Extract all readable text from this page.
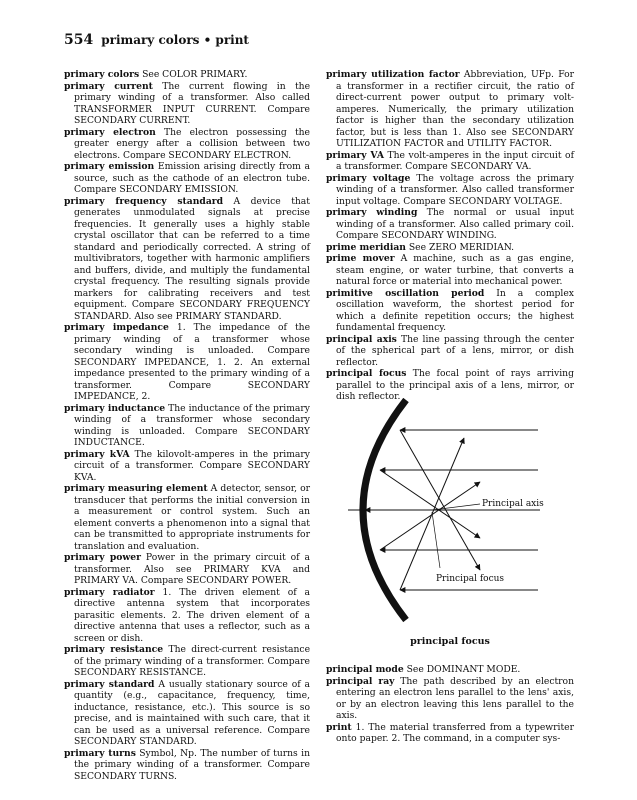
554 primary colors • print

primary colors See COLOR PRIMARY.

primary current The current flowing in the primary winding of a transformer. Also called TRANSFORMER INPUT CURRENT. Compare SECONDARY CURRENT.

primary electron The electron possessing the greater energy after a collision between two electrons. Compare SECONDARY ELECTRON.

primary emission Emission arising directly from a source, such as the cathode of an electron tube. Compare SECONDARY EMISSION.

primary frequency standard A device that generates unmodulated signals at precise frequencies. It generally uses a highly stable crystal oscillator that can be referred to a time standard and periodically corrected. A string of multivibrators, together with harmonic amplifiers and buffers, divide, and multiply the fundamental crystal frequency. The resulting signals provide markers for calibrating receivers and test equipment. Compare SECONDARY FREQUENCY STANDARD. Also see PRIMARY STANDARD.

primary impedance 1. The impedance of the primary winding of a transformer whose secondary winding is unloaded. Compare SECONDARY IMPEDANCE, 1. 2. An external impedance presented to the primary winding of a transformer. Compare SECONDARY IMPEDANCE, 2.

primary inductance The inductance of the primary winding of a transformer whose secondary winding is unloaded. Compare SECONDARY INDUCTANCE.

primary kVA The kilovolt-amperes in the primary circuit of a transformer. Compare SECONDARY KVA.

primary measuring element A detector, sensor, or transducer that performs the initial conversion in a measurement or control system. Such an element converts a phenomenon into a signal that can be transmitted to appropriate instruments for translation and evaluation.

primary power Power in the primary circuit of a transformer. Also see PRIMARY KVA and PRIMARY VA. Compare SECONDARY POWER.

primary radiator 1. The driven element of a directive antenna system that incorporates parasitic elements. 2. The driven element of a directive antenna that uses a reflector, such as a screen or dish.

primary resistance The direct-current resistance of the primary winding of a transformer. Compare SECONDARY RESISTANCE.

primary standard A usually stationary source of a quantity (e.g., capacitance, frequency, time, inductance, resistance, etc.). This source is so precise, and is maintained with such care, that it can be used as a universal reference. Compare SECONDARY STANDARD.

primary turns Symbol, Np. The number of turns in the primary winding of a transformer. Compare SECONDARY TURNS.

primary utilization factor Abbreviation, UFp. For a transformer in a rectifier circuit, the ratio of direct-current power output to primary volt-amperes. Numerically, the primary utilization factor is higher than the secondary utilization factor, but is less than 1. Also see SECONDARY UTILIZATION FACTOR and UTILITY FACTOR.

primary VA The volt-amperes in the input circuit of a transformer. Compare SECONDARY VA.

primary voltage The voltage across the primary winding of a transformer. Also called transformer input voltage. Compare SECONDARY VOLTAGE.

primary winding The normal or usual input winding of a transformer. Also called primary coil. Compare SECONDARY WINDING.

prime meridian See ZERO MERIDIAN.

prime mover A machine, such as a gas engine, steam engine, or water turbine, that converts a natural force or material into mechanical power.

primitive oscillation period In a complex oscillation waveform, the shortest period for which a definite repetition occurs; the highest fundamental frequency.

principal axis The line passing through the center of the spherical part of a lens, mirror, or dish reflector.

principal focus The focal point of rays arriving parallel to the principal axis of a lens, mirror, or dish reflector.

Principal axis
Principal focus
principal focus

principal mode See DOMINANT MODE.

principal ray The path described by an electron entering an electron lens parallel to the lens' axis, or by an electron leaving this lens parallel to the axis.

print 1. The material transferred from a typewriter onto paper. 2. The command, in a computer sys-
